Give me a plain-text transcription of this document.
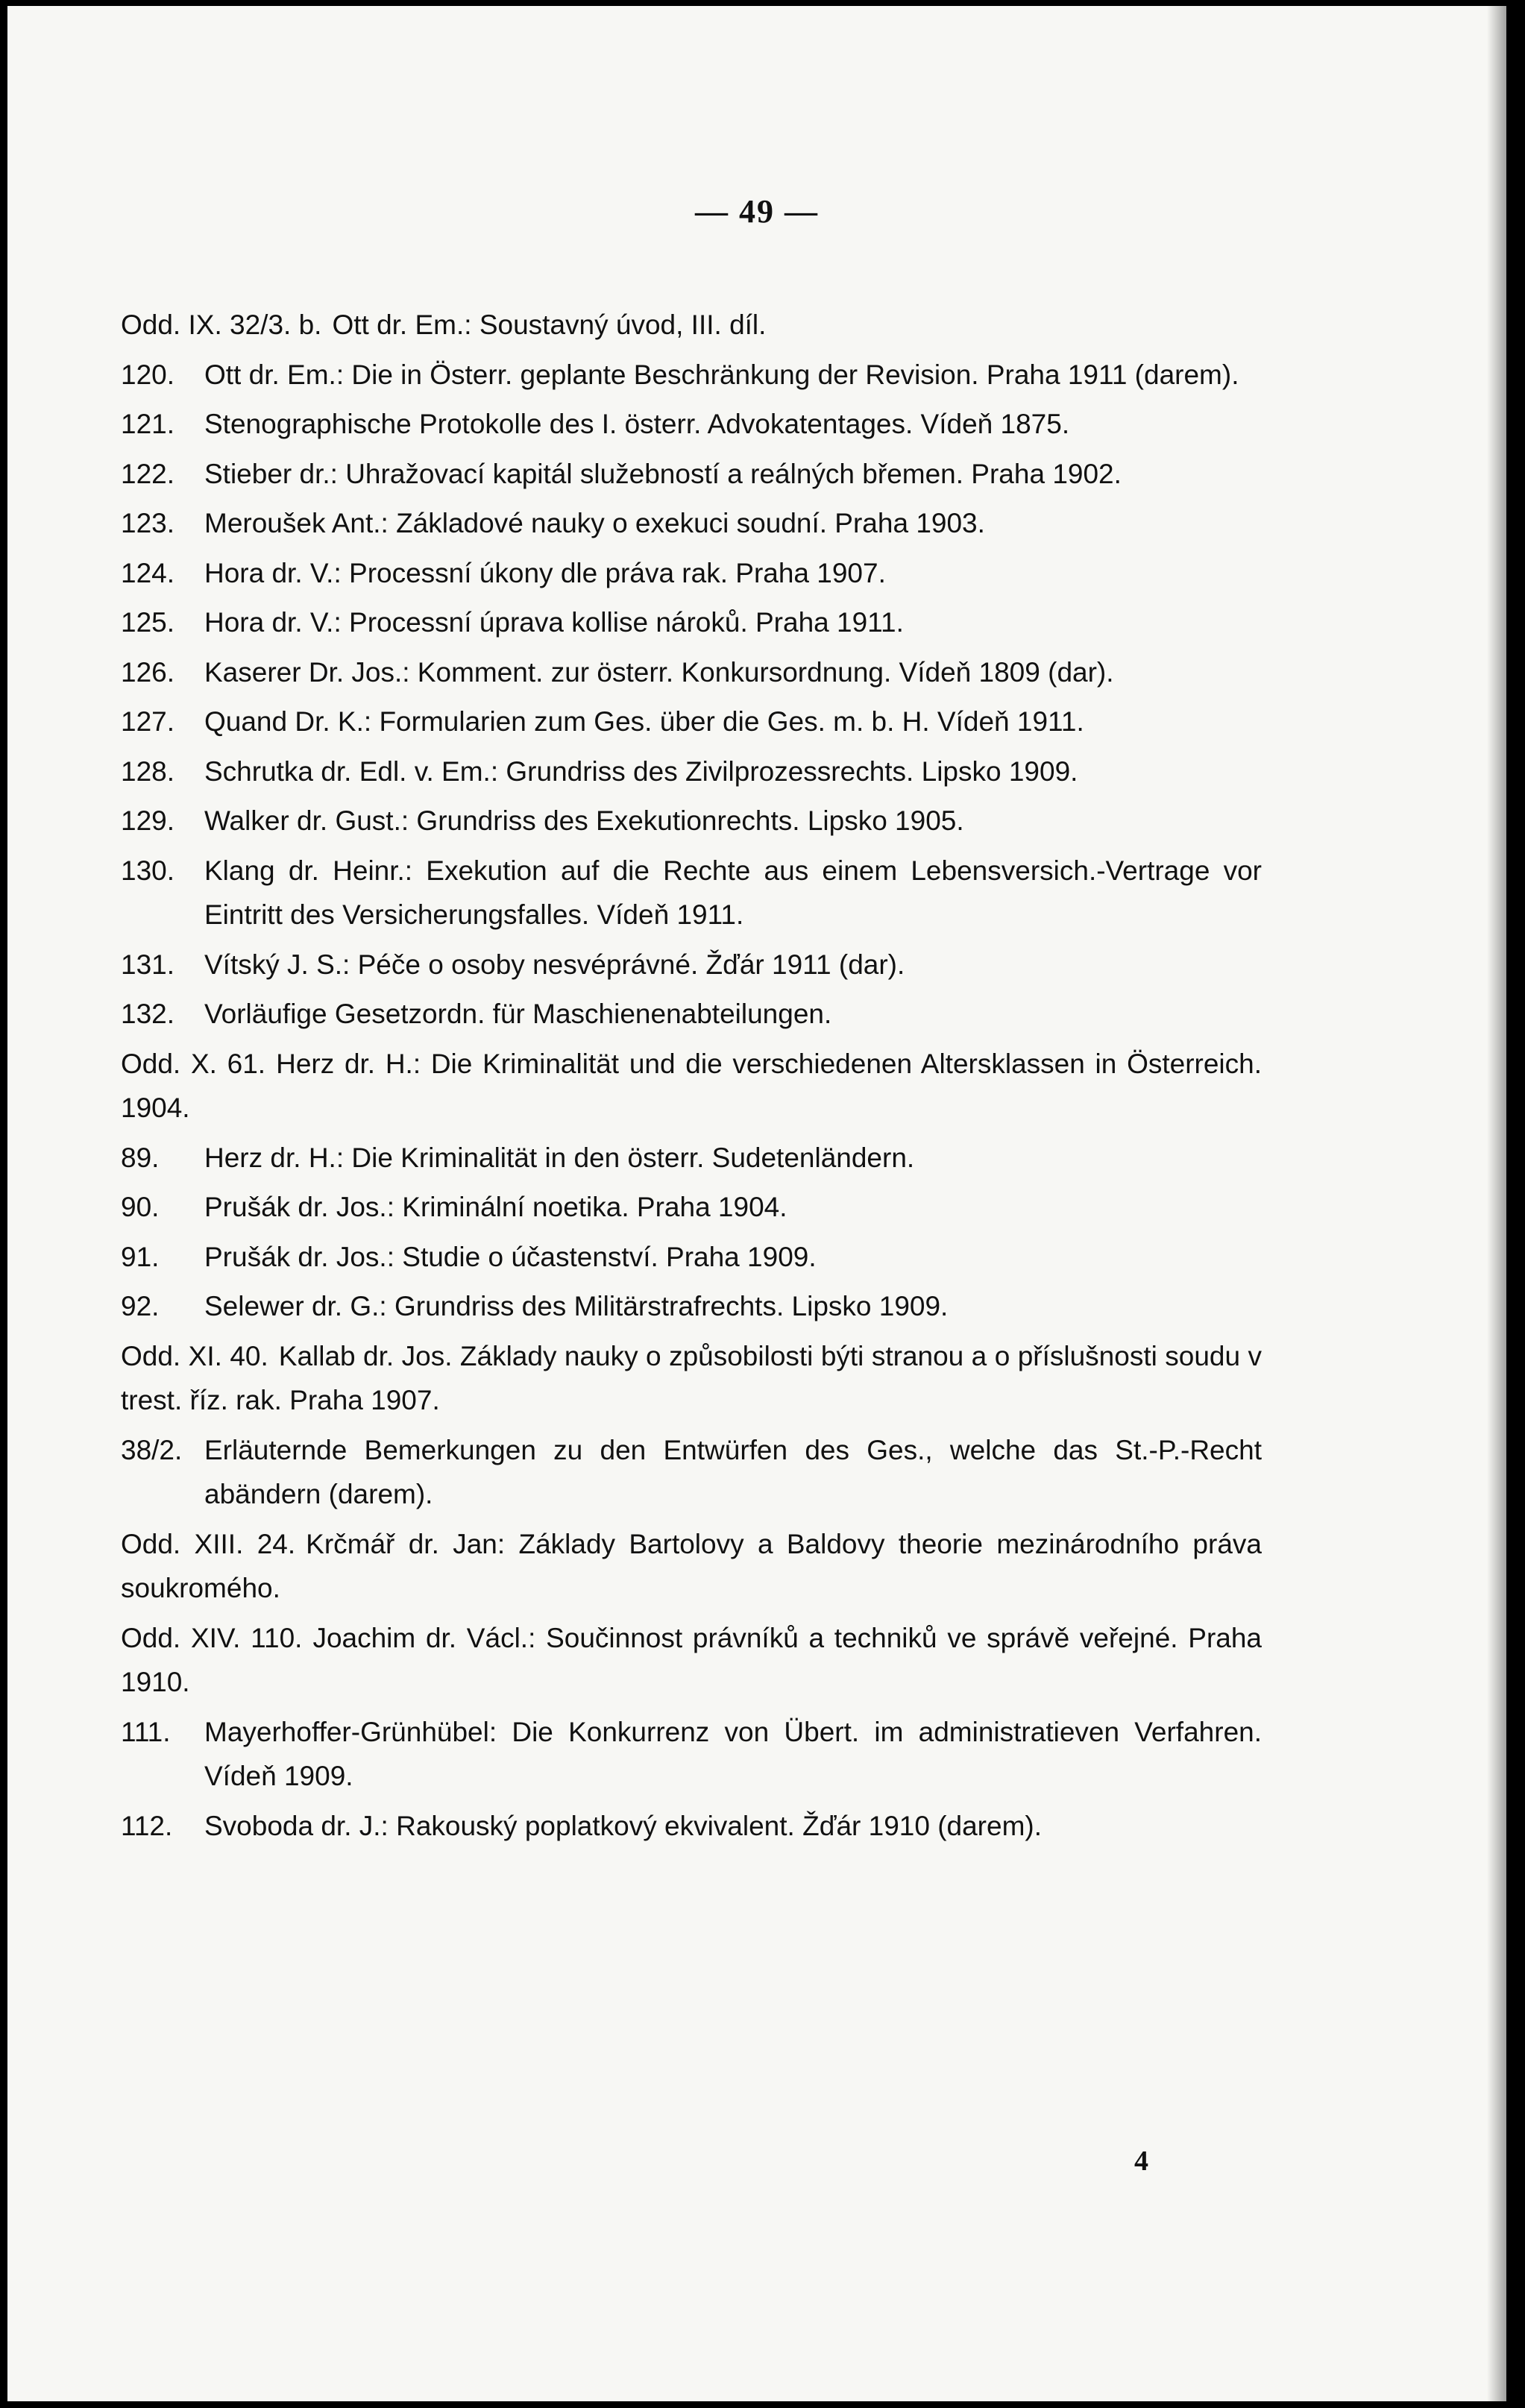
— 49 —
Odd. IX. 32/3. b. Ott dr. Em.: Soustavný úvod, III. díl.
120. Ott dr. Em.: Die in Österr. geplante Beschränkung der Revision. Praha 1911 (darem).
121. Stenographische Protokolle des I. österr. Advokatentages. Vídeň 1875.
122. Stieber dr.: Uhražovací kapitál služebností a reálných břemen. Praha 1902.
123. Meroušek Ant.: Základové nauky o exekuci soudní. Praha 1903.
124. Hora dr. V.: Processní úkony dle práva rak. Praha 1907.
125. Hora dr. V.: Processní úprava kollise nároků. Praha 1911.
126. Kaserer Dr. Jos.: Komment. zur österr. Konkursordnung. Vídeň 1809 (dar).
127. Quand Dr. K.: Formularien zum Ges. über die Ges. m. b. H. Vídeň 1911.
128. Schrutka dr. Edl. v. Em.: Grundriss des Zivilprozessrechts. Lipsko 1909.
129. Walker dr. Gust.: Grundriss des Exekutionrechts. Lipsko 1905.
130. Klang dr. Heinr.: Exekution auf die Rechte aus einem Lebensversich.-Vertrage vor Eintritt des Versicherungsfalles. Vídeň 1911.
131. Vítský J. S.: Péče o osoby nesvéprávné. Žďár 1911 (dar).
132. Vorläufige Gesetzordn. für Maschienenabteilungen.
Odd. X. 61. Herz dr. H.: Die Kriminalität und die verschiedenen Altersklassen in Österreich. 1904.
89. Herz dr. H.: Die Kriminalität in den österr. Sudetenländern.
90. Prušák dr. Jos.: Kriminální noetika. Praha 1904.
91. Prušák dr. Jos.: Studie o účastenství. Praha 1909.
92. Selewer dr. G.: Grundriss des Militärstrafrechts. Lipsko 1909.
Odd. XI. 40. Kallab dr. Jos. Základy nauky o způsobilosti býti stranou a o příslušnosti soudu v trest. říz. rak. Praha 1907.
38/2. Erläuternde Bemerkungen zu den Entwürfen des Ges., welche das St.-P.-Recht abändern (darem).
Odd. XIII. 24. Krčmář dr. Jan: Základy Bartolovy a Baldovy theorie mezinárodního práva soukromého.
Odd. XIV. 110. Joachim dr. Václ.: Součinnost právníků a techniků ve správě veřejné. Praha 1910.
111. Mayerhoffer-Grünhübel: Die Konkurrenz von Übert. im administratieven Verfahren. Vídeň 1909.
112. Svoboda dr. J.: Rakouský poplatkový ekvivalent. Žďár 1910 (darem).
4
